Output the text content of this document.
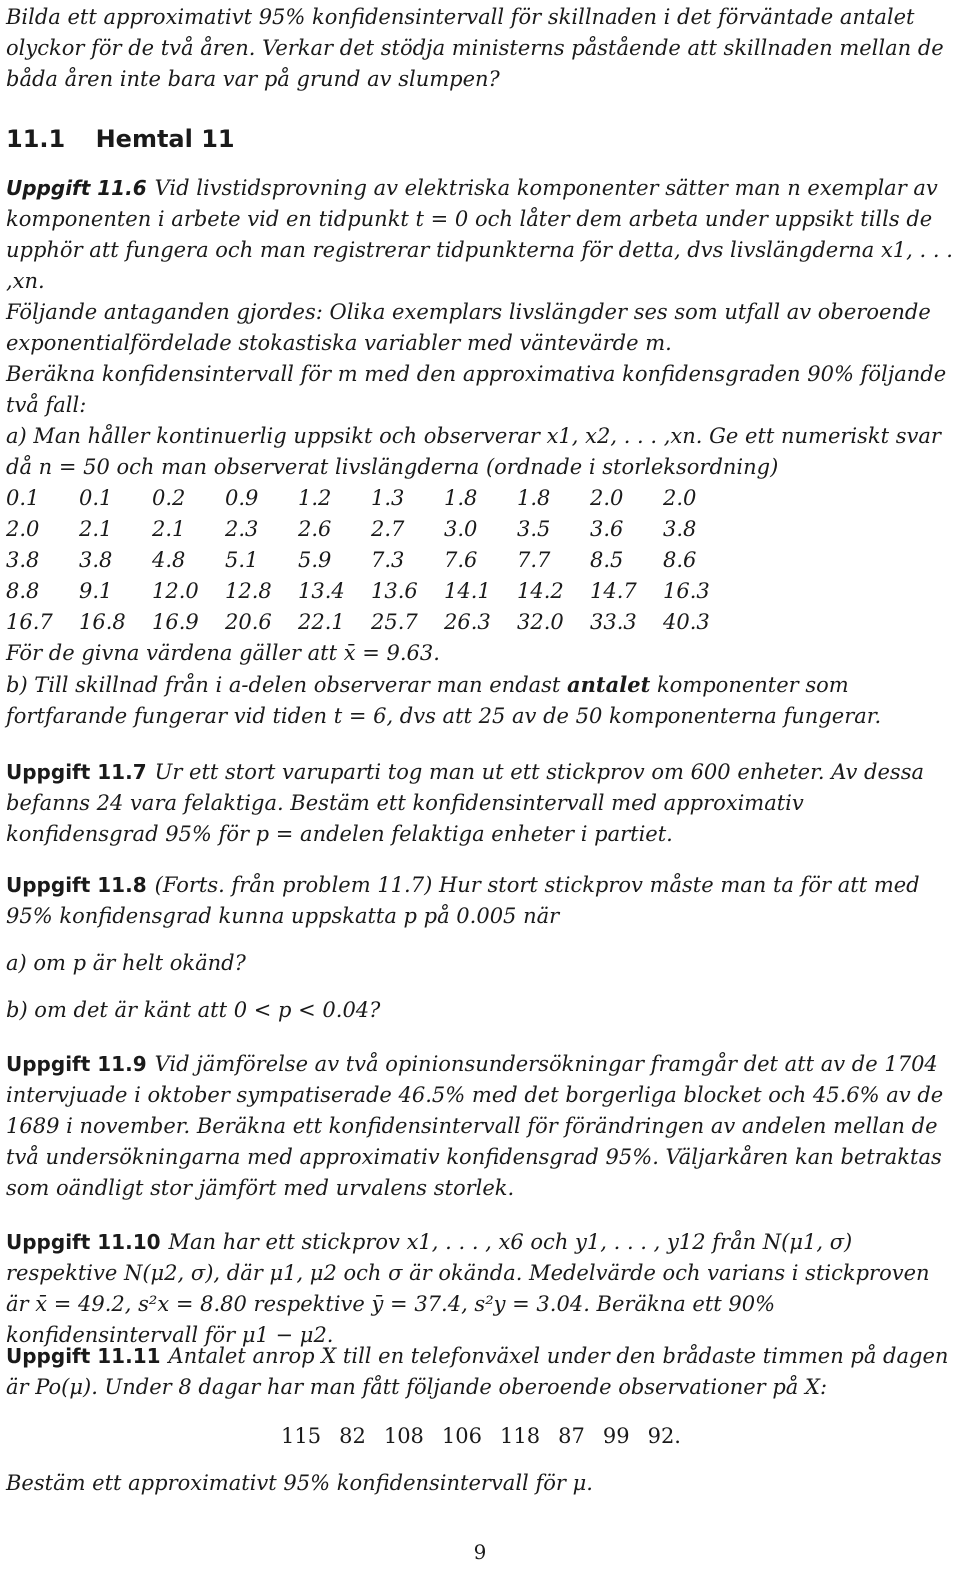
Bilda ett approximativt 95% konfidensintervall för skillnaden i det förväntade antalet olyckor för de två åren. Verkar det stödja ministerns påstående att skillnaden mellan de båda åren inte bara var på grund av slumpen?

11.1 Hemtal 11

Uppgift 11.6 Vid livstidsprovning av elektriska komponenter sätter man n exemplar av komponenten i arbete vid en tidpunkt t = 0 och låter dem arbeta under uppsikt tills de upphör att fungera och man registrerar tidpunkterna för detta, dvs livslängderna x1, . . . ,xn.

Följande antaganden gjordes: Olika exemplars livslängder ses som utfall av oberoende exponentialfördelade stokastiska variabler med väntevärde m.

Beräkna konfidensintervall för m med den approximativa konfidensgraden 90% följande två fall:

a) Man håller kontinuerlig uppsikt och observerar x1, x2, . . . ,xn. Ge ett numeriskt svar då n = 50 och man observerat livslängderna (ordnade i storleksordning)

0.1	0.1	0.2	0.9	1.2	1.3	1.8	1.8	2.0	2.0
2.0	2.1	2.1	2.3	2.6	2.7	3.0	3.5	3.6	3.8
3.8	3.8	4.8	5.1	5.9	7.3	7.6	7.7	8.5	8.6
8.8	9.1	12.0	12.8	13.4	13.6	14.1	14.2	14.7	16.3
16.7	16.8	16.9	20.6	22.1	25.7	26.3	32.0	33.3	40.3

För de givna värdena gäller att x̄ = 9.63.

b) Till skillnad från i a-delen observerar man endast antalet komponenter som fortfarande fungerar vid tiden t = 6, dvs att 25 av de 50 komponenterna fungerar.

Uppgift 11.7 Ur ett stort varuparti tog man ut ett stickprov om 600 enheter. Av dessa befanns 24 vara felaktiga. Bestäm ett konfidensintervall med approximativ konfidensgrad 95% för p = andelen felaktiga enheter i partiet.

Uppgift 11.8 (Forts. från problem 11.7) Hur stort stickprov måste man ta för att med 95% konfidensgrad kunna uppskatta p på 0.005 när

a) om p är helt okänd?

b) om det är känt att 0 < p < 0.04?

Uppgift 11.9 Vid jämförelse av två opinionsundersökningar framgår det att av de 1704 intervjuade i oktober sympatiserade 46.5% med det borgerliga blocket och 45.6% av de 1689 i november. Beräkna ett konfidensintervall för förändringen av andelen mellan de två undersökningarna med approximativ konfidensgrad 95%. Väljarkåren kan betraktas som oändligt stor jämfört med urvalens storlek.

Uppgift 11.10 Man har ett stickprov x1, . . . , x6 och y1, . . . , y12 från N(μ1, σ) respektive N(μ2, σ), där μ1, μ2 och σ är okända. Medelvärde och varians i stickproven är x̄ = 49.2, s²x = 8.80 respektive ȳ = 37.4, s²y = 3.04. Beräkna ett 90% konfidensintervall för μ1 − μ2.

Uppgift 11.11 Antalet anrop X till en telefonväxel under den brådaste timmen på dagen är Po(μ). Under 8 dagar har man fått följande oberoende observationer på X:

115 82 108 106 118 87 99 92.

Bestäm ett approximativt 95% konfidensintervall för μ.

9
